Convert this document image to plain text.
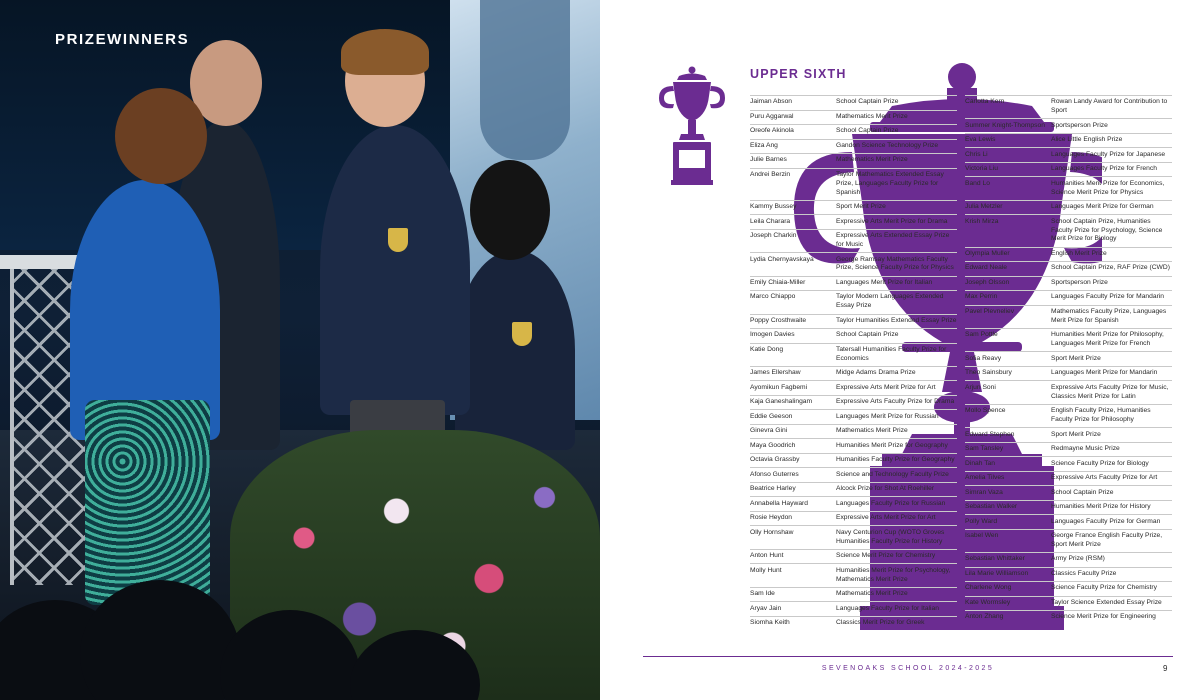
PRIZEWINNERS
UPPER SIXTH
Jaiman Abson	School Captain Prize
Puru Aggarwal	Mathematics Merit Prize
Oreofe Akinola	School Captain Prize
Eliza Ang	Gandon Science Technology Prize
Julie Barnes	Mathematics Merit Prize
Andrei Berzin	Taylor Mathematics Extended Essay Prize, Languages Faculty Prize for Spanish
Kammy Bussey	Sport Merit Prize
Leila Charara	Expressive Arts Merit Prize for Drama
Joseph Charkin	Expressive Arts Extended Essay Prize for Music
Lydia Chernyavskaya	George Ramsay Mathematics Faculty Prize, Science Faculty Prize for Physics
Emily Chiaia-Miller	Languages Merit Prize for Italian
Marco Chiappo	Taylor Modern Languages Extended Essay Prize
Poppy Crosthwaite	Taylor Humanities Extended Essay Prize
Imogen Davies	School Captain Prize
Katie Dong	Tatersall Humanities Faculty Prize for Economics
James Ellershaw	Midge Adams Drama Prize
Ayomikun Fagbemi	Expressive Arts Merit Prize for Art
Kaja Ganeshalingam	Expressive Arts Faculty Prize for Drama
Eddie Geeson	Languages Merit Prize for Russian
Ginevra Gini	Mathematics Merit Prize
Maya Goodrich	Humanities Merit Prize for Geography
Octavia Grassby	Humanities Faculty Prize for Geography
Afonso Guterres	Science and Technology Faculty Prize
Beatrice Harley	Alcock Prize for Shot At Roehiller
Annabella Hayward	Languages Faculty Prize for Russian
Rosie Heydon	Expressive Arts Merit Prize for Art
Olly Hornshaw	Navy Centurion Cup (WOTO Groves Humanities Faculty Prize for History
Anton Hunt	Science Merit Prize for Chemistry
Molly Hunt	Humanities Merit Prize for Psychology, Mathematics Merit Prize
Sam Ide	Mathematics Merit Prize
Aryav Jain	Languages Faculty Prize for Italian
Siomha Keith	Classics Merit Prize for Greek
Carlotta Kern	Rowan Landy Award for Contribution to Sport
Summer Knight-Thompson Sportsperson Prize
Eva Lewis	Alice Little English Prize
Chris Li	Languages Faculty Prize for Japanese
Victoria Liu	Languages Faculty Prize for French
Band Lo	Humanities Merit Prize for Economics, Science Merit Prize for Physics
Julia Metzler	Languages Merit Prize for German
Krish Mirza	School Captain Prize, Humanities Faculty Prize for Psychology, Science Merit Prize for Biology
Olympia Muller	English Merit Prize
Edward Neale	School Captain Prize, RAF Prize (CWD)
Joseph Olsson	Sportsperson Prize
Max Perrin	Languages Faculty Prize for Mandarin
Pavel Plevneliev	Mathematics Faculty Prize, Languages Merit Prize for Spanish
Sam Pottle	Humanities Merit Prize for Philosophy, Languages Merit Prize for French
Sofia Reavy	Sport Merit Prize
Theo Sainsbury	Languages Merit Prize for Mandarin
Arjun Soni	Expressive Arts Faculty Prize for Music, Classics Merit Prize for Latin
Mollo Spence	English Faculty Prize, Humanities Faculty Prize for Philosophy
Edward Stephen	Sport Merit Prize
Sam Tansley	Redmayne Music Prize
Dinah Tan	Science Faculty Prize for Biology
Amelia Tilves	Expressive Arts Faculty Prize for Art
Simran Vaza	School Captain Prize
Sebastian Walker	Humanities Merit Prize for History
Polly Ward	Languages Faculty Prize for German
Isabel Wen	George France English Faculty Prize, Sport Merit Prize
Sebastian Whittaker	Army Prize (RSM)
Lila Marie Williamson	Classics Faculty Prize
Charlene Wong	Science Faculty Prize for Chemistry
Kate Wormsley	Taylor Science Extended Essay Prize
Anton Zhang	Science Merit Prize for Engineering
SEVENOAKS SCHOOL 2024-2025	9
